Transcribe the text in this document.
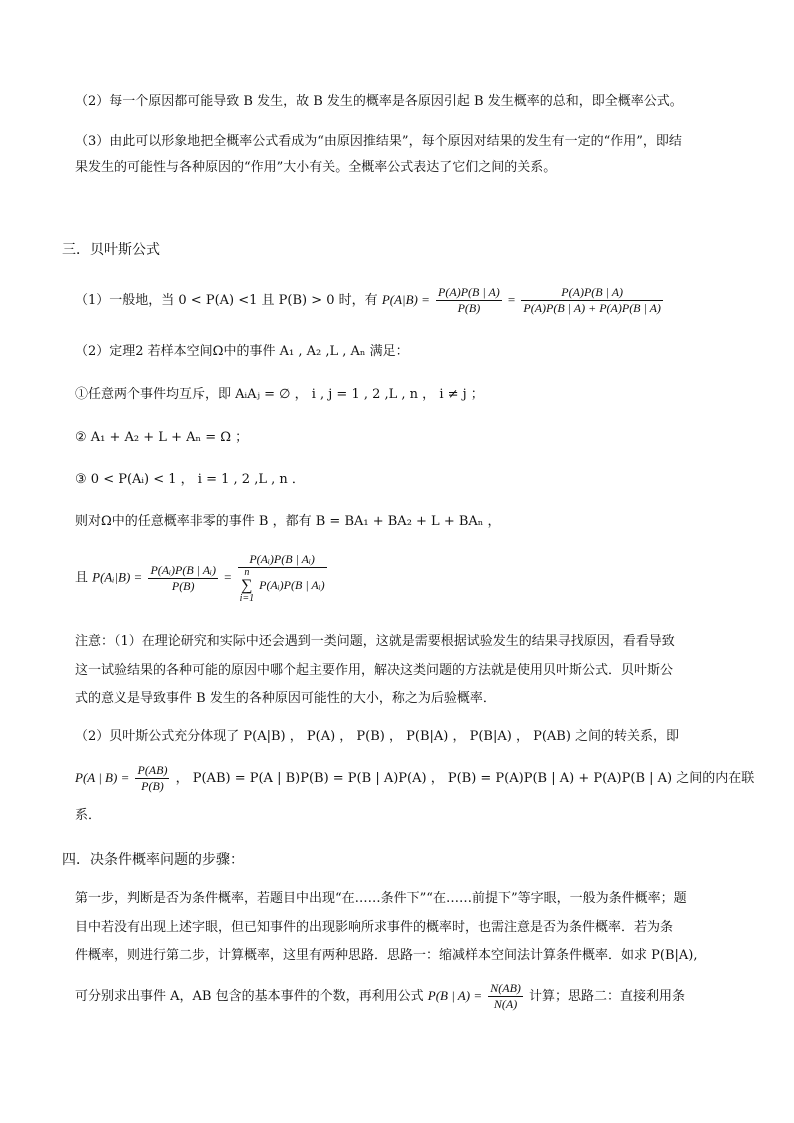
（2）每一个原因都可能导致 B 发生，故 B 发生的概率是各原因引起 B 发生概率的总和，即全概率公式。
（3）由此可以形象地把全概率公式看成为“由原因推结果”，每个原因对结果的发生有一定的“作用”，即结
果发生的可能性与各种原因的“作用”大小有关。全概率公式表达了它们之间的关系。
三．贝叶斯公式
（1）一般地，当 0 < P(A) <1 且 P(B) > 0 时，有 $P(A|B) = \frac{P(A)P(B | A)}{P(B)} = \frac{P(A)P(B | A)}{P(A)P(B | A) + P(A)P(B | A)}$
（2）定理2 若样本空间Ω中的事件 A₁ , A₂ ,L , Aₙ 满足：
①任意两个事件均互斥，即 AᵢAⱼ = ∅ ， i , j = 1 , 2 ,L , n ， i ≠ j ；
② A₁ + A₂ + L + Aₙ = Ω ；
③ 0 < P(Aᵢ) < 1 ， i = 1 , 2 ,L , n ．
则对Ω中的任意概率非零的事件 B ，都有 B = BA₁ + BA₂ + L + BAₙ ，
且 P(Aᵢ|B) = $\frac{\text{P(Aᵢ)P(B | Aᵢ)}}{P(B)}$ = P(Aᵢ)P(B | Aᵢ)
n
∑
i=1 P(Aᵢ)P(B | Aᵢ)
注意：（1）在理论研究和实际中还会遇到一类问题，这就是需要根据试验发生的结果寻找原因，看看导致
这一试验结果的各种可能的原因中哪个起主要作用，解决这类问题的方法就是使用贝叶斯公式．贝叶斯公
式的意义是导致事件 B 发生的各种原因可能性的大小，称之为后验概率．
（2）贝叶斯公式充分体现了 P(A|B) ， P(A) ， P(B) ， P(B|A) ， P(B|A) ， P(AB) 之间的转关系，即
P(A | $B) = \frac{P(AB)}{P(B)}$ ， P(AB) = P(A | B)P(B) = P(B | A)P(A) ， P(B) = P(A)P(B | A) + P(A)P(B | A) 之间的内在联
系．
四．决条件概率问题的步骤：
第一步，判断是否为条件概率，若题目中出现“在……条件下”“在……前提下”等字眼，一般为条件概率；题
目中若没有出现上述字眼，但已知事件的出现影响所求事件的概率时，也需注意是否为条件概率．若为条
件概率，则进行第二步，计算概率，这里有两种思路．思路一：缩减样本空间法计算条件概率．如求 P(B|A),
可分别求出事件 A，AB 包含的基本事件的个数，再利用公式 P(B | $A) = \frac{N(AB)}{N(A)}$ 计算；思路二：直接利用条
